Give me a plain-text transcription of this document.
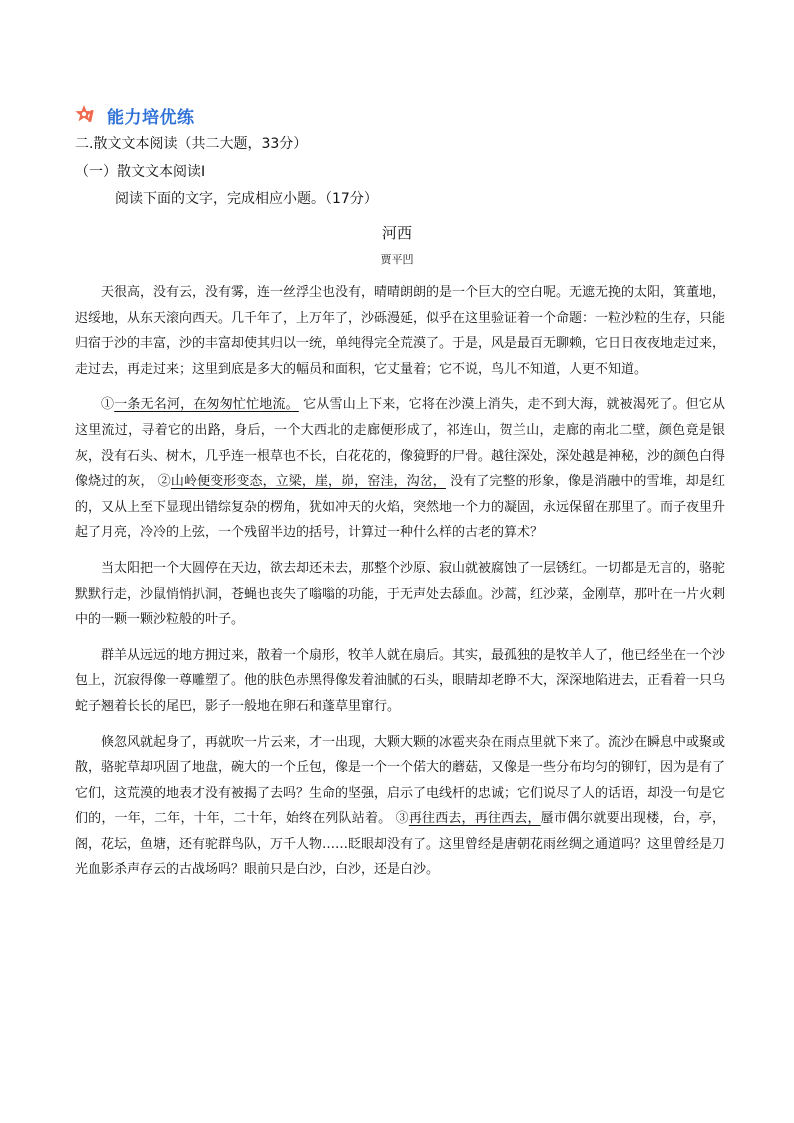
能力培优练
二.散文文本阅读（共二大题，33分）
（一）散文文本阅读Ⅰ
阅读下面的文字，完成相应小题。（17分）
河西
贾平凹

天很高，没有云，没有雾，连一丝浮尘也没有，晴晴朗朗的是一个巨大的空白呢。无遮无挽的太阳，箕董地，迟绥地，从东天滚向西天。几千年了，上万年了，沙砾漫延，似乎在这里验证着一个命题：一粒沙粒的生存，只能归宿于沙的丰富，沙的丰富却使其归以一统，单纯得完全荒漠了。于是，风是最百无聊赖，它日日夜夜地走过来，走过去，再走过来；这里到底是多大的幅员和面积，它丈量着；它不说，鸟儿不知道，人更不知道。

①一条无名河，在匆匆忙忙地流。 它从雪山上下来，它将在沙漠上消失，走不到大海，就被渴死了。但它从这里流过，寻着它的出路，身后，一个大西北的走廊便形成了，祁连山，贺兰山，走廊的南北二壁，颜色竟是银灰，没有石头、树木，几乎连一根草也不长，白花花的，像獍野的尸骨。越往深处，深处越是神秘，沙的颜色白得像烧过的灰， ②山岭便变形变态，立梁，崖，峁，窑洼，沟岔， 没有了完整的形象，像是消融中的雪堆，却是红的，又从上至下显现出错综复杂的楞角，犹如冲天的火焰，突然地一个力的凝固，永远保留在那里了。而子夜里升起了月亮，冷冷的上弦，一个残留半边的括号，计算过一种什么样的古老的算术？

当太阳把一个大圆停在天边，欲去却还未去，那整个沙原、寂山就被腐蚀了一层锈红。一切都是无言的，骆驼默默行走，沙鼠悄悄扒洞，苍蝇也丧失了嗡嗡的功能，于无声处去舔血。沙蒿，红沙菜，金刚草，那叶在一片火剌中的一颗一颗沙粒般的叶子。

群羊从远远的地方拥过来，散着一个扇形，牧羊人就在扇后。其实，最孤独的是牧羊人了，他已经坐在一个沙包上，沉寂得像一尊雕塑了。他的肤色赤黑得像发着油腻的石头，眼睛却老睁不大，深深地陷进去，正看着一只乌蛇子翘着长长的尾巴，影子一般地在卵石和蓬草里窜行。

倏忽风就起身了，再就吹一片云来，才一出现，大颗大颗的冰雹夹杂在雨点里就下来了。流沙在瞬息中或聚或散，骆驼草却巩固了地盘，碗大的一个丘包，像是一个一个偌大的蘑菇，又像是一些分布均匀的铆钉，因为是有了它们，这荒漠的地表才没有被揭了去吗？生命的坚强，启示了电线杆的忠诚；它们说尽了人的话语，却没一句是它们的，一年，二年，十年，二十年，始终在列队站着。 ③再往西去，再往西去，蜃市偶尔就要出现楼，台，亭，阁，花坛，鱼塘，还有驼群鸟队，万千人物……眨眼却没有了。这里曾经是唐朝花雨丝绸之通道吗？这里曾经是刀光血影杀声存云的古战场吗？眼前只是白沙，白沙，还是白沙。
